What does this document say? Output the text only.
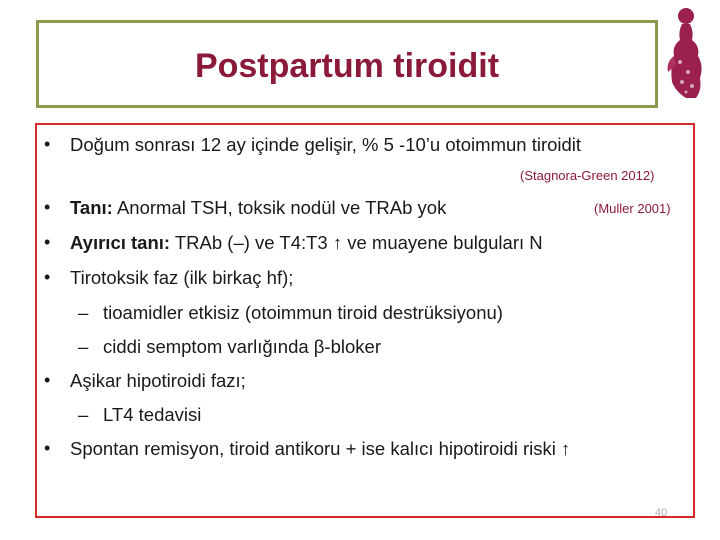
Postpartum tiroidit
• Doğum sonrası 12 ay içinde gelişir, % 5 -10’u otoimmun tiroidit
(Stagnora-Green 2012)
• Tanı: Anormal TSH, toksik nodül ve TRAb yok	(Muller 2001)
• Ayırıcı tanı: TRAb (–) ve T4:T3 ↑ ve muayene bulguları N
• Tirotoksik faz (ilk birkaç hf);
– tioamidler etkisiz (otoimmun tiroid destrüksiyonu)
– ciddi semptom varlığında β-bloker
• Aşikar hipotiroidi fazı;
– LT4 tedavisi
• Spontan remisyon, tiroid antikoru + ise kalıcı hipotiroidi riski ↑
40
